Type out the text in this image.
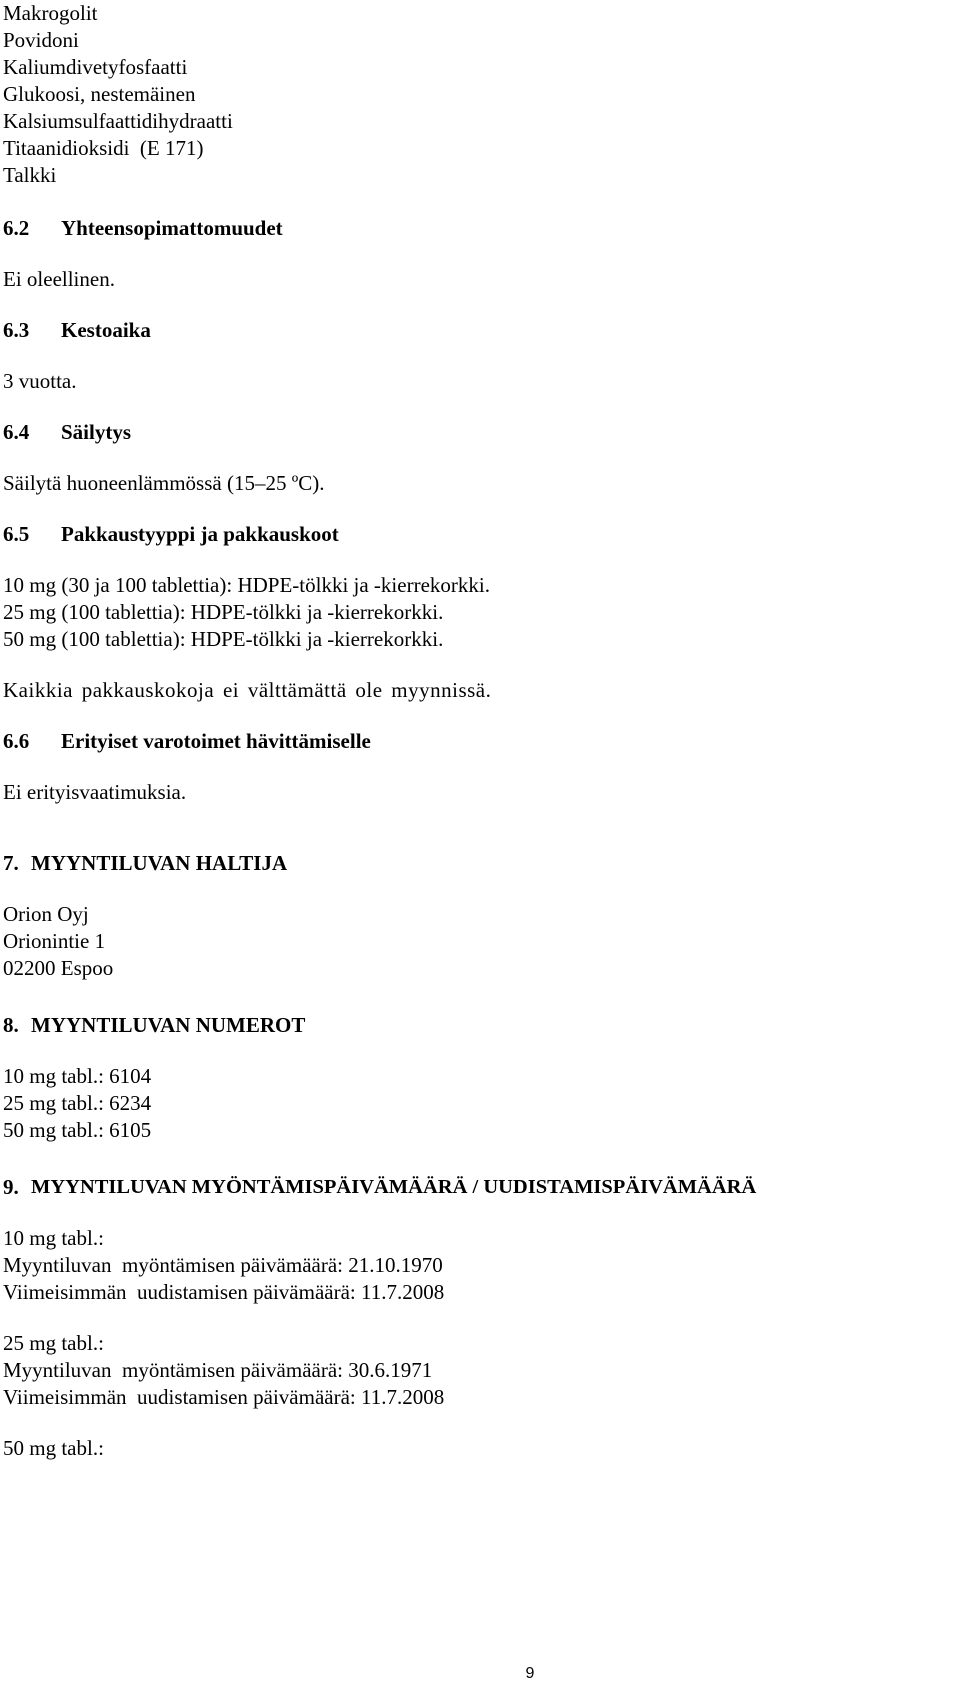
Makrogolit

Povidoni

Kaliumdivetyfosfaatti

Glukoosi, nestemäinen

Kalsiumsulfaattidihydraatti

Titaanidioksidi  (E 171)

Talkki

6.2	Yhteensopimattomuudet

Ei oleellinen.

6.3	Kestoaika

3 vuotta.

6.4	Säilytys

Säilytä huoneenlämmössä (15–25 ºC).

6.5	Pakkaustyyppi ja pakkauskoot

10 mg (30 ja 100 tablettia): HDPE-tölkki ja -kierrekorkki.

25 mg (100 tablettia): HDPE-tölkki ja -kierrekorkki.

50 mg (100 tablettia): HDPE-tölkki ja -kierrekorkki.

Kaikkia pakkauskokoja ei välttämättä ole myynnissä.

6.6	Erityiset varotoimet hävittämiselle

Ei erityisvaatimuksia.

7. MYYNTILUVAN HALTIJA

Orion Oyj

Orionintie 1

02200 Espoo

8. MYYNTILUVAN NUMEROT

10 mg tabl.: 6104

25 mg tabl.: 6234

50 mg tabl.: 6105

9. MYYNTILUVAN MYÖNTÄMISPÄIVÄMÄÄRÄ / UUDISTAMISPÄIVÄMÄÄRÄ

10 mg tabl.:

Myyntiluvan  myöntämisen päivämäärä: 21.10.1970

Viimeisimmän  uudistamisen päivämäärä: 11.7.2008

25 mg tabl.:

Myyntiluvan  myöntämisen päivämäärä: 30.6.1971

Viimeisimmän  uudistamisen päivämäärä: 11.7.2008

50 mg tabl.:

9
